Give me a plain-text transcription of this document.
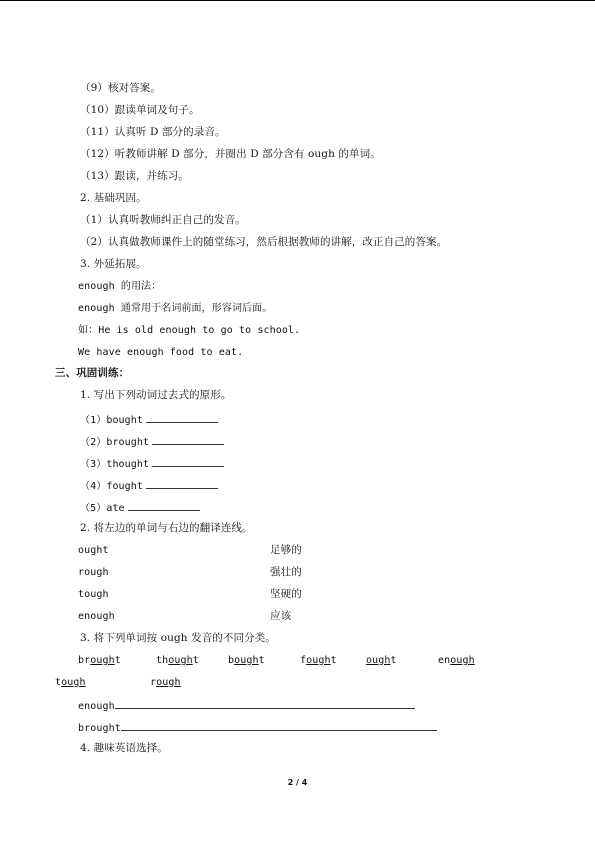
（9）核对答案。
（10）跟读单词及句子。
（11）认真听 D 部分的录音。
（12）听教师讲解 D 部分，并圈出 D 部分含有 ough 的单词。
（13）跟读，并练习。
2. 基础巩固。
（1）认真听教师纠正自己的发音。
（2）认真做教师课件上的随堂练习，然后根据教师的讲解，改正自己的答案。
3. 外延拓展。
enough 的用法：
enough 通常用于名词前面，形容词后面。
如：He is old enough to go to school.
We have enough food to eat.
三、巩固训练：
1. 写出下列动词过去式的原形。
（1）bought
（2）brought
（3）thought
（4）fought
（5）ate
2. 将左边的单词与右边的翻译连线。
ought	足够的
rough	强壮的
tough	坚硬的
enough	应该
3. 将下列单词按 ough 发音的不同分类。
brought	thought	bought	fought	ought	enough
tough	rough
enough
brought
4. 趣味英语选择。
2 / 4
